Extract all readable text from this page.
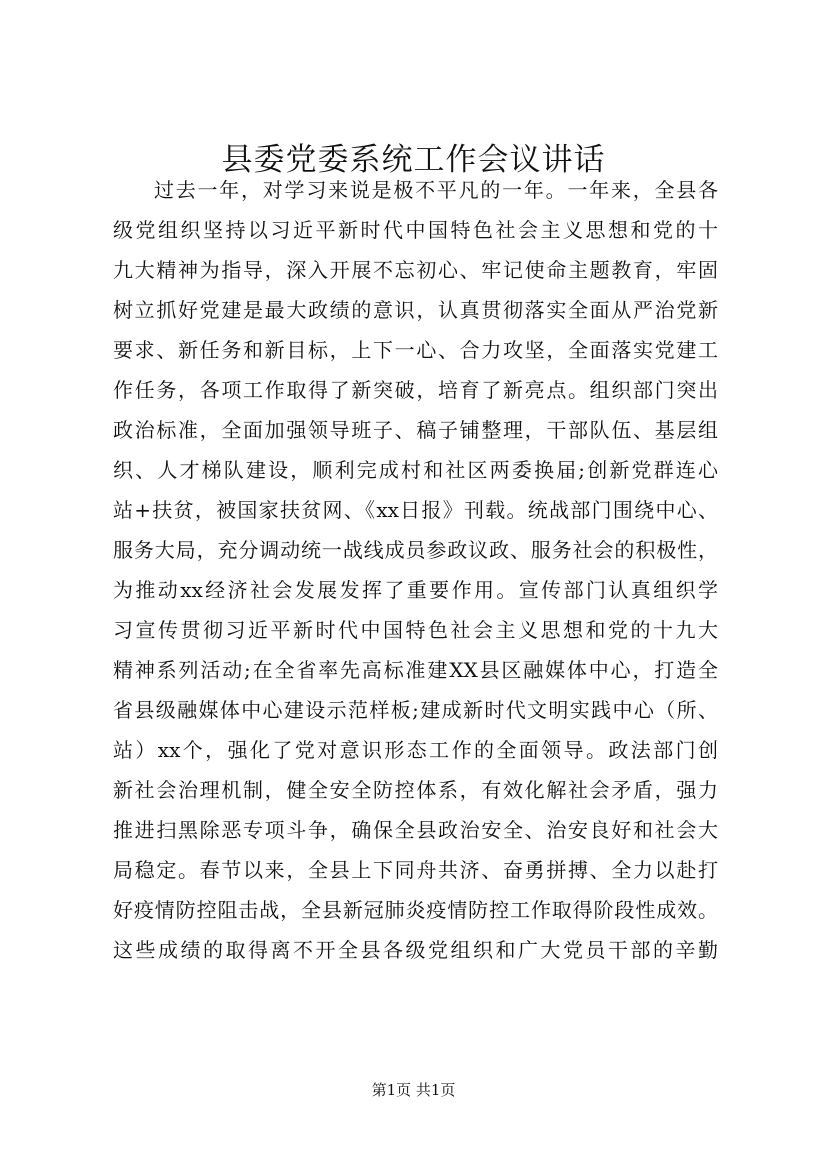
县委党委系统工作会议讲话
过去一年，对学习来说是极不平凡的一年。一年来，全县各
级党组织坚持以习近平新时代中国特色社会主义思想和党的十
九大精神为指导，深入开展不忘初心、牢记使命主题教育，牢固
树立抓好党建是最大政绩的意识，认真贯彻落实全面从严治党新
要求、新任务和新目标，上下一心、合力攻坚，全面落实党建工
作任务，各项工作取得了新突破，培育了新亮点。组织部门突出
政治标准，全面加强领导班子、稿子铺整理，干部队伍、基层组
织、人才梯队建设，顺利完成村和社区两委换届;创新党群连心
站+扶贫，被国家扶贫网、《xx日报》刊载。统战部门围绕中心、
服务大局，充分调动统一战线成员参政议政、服务社会的积极性，
为推动xx经济社会发展发挥了重要作用。宣传部门认真组织学
习宣传贯彻习近平新时代中国特色社会主义思想和党的十九大
精神系列活动;在全省率先高标准建XX县区融媒体中心，打造全
省县级融媒体中心建设示范样板;建成新时代文明实践中心（所、
站）xx个，强化了党对意识形态工作的全面领导。政法部门创
新社会治理机制，健全安全防控体系，有效化解社会矛盾，强力
推进扫黑除恶专项斗争，确保全县政治安全、治安良好和社会大
局稳定。春节以来，全县上下同舟共济、奋勇拼搏、全力以赴打
好疫情防控阻击战，全县新冠肺炎疫情防控工作取得阶段性成效。
这些成绩的取得离不开全县各级党组织和广大党员干部的辛勤
第1页 共1页
